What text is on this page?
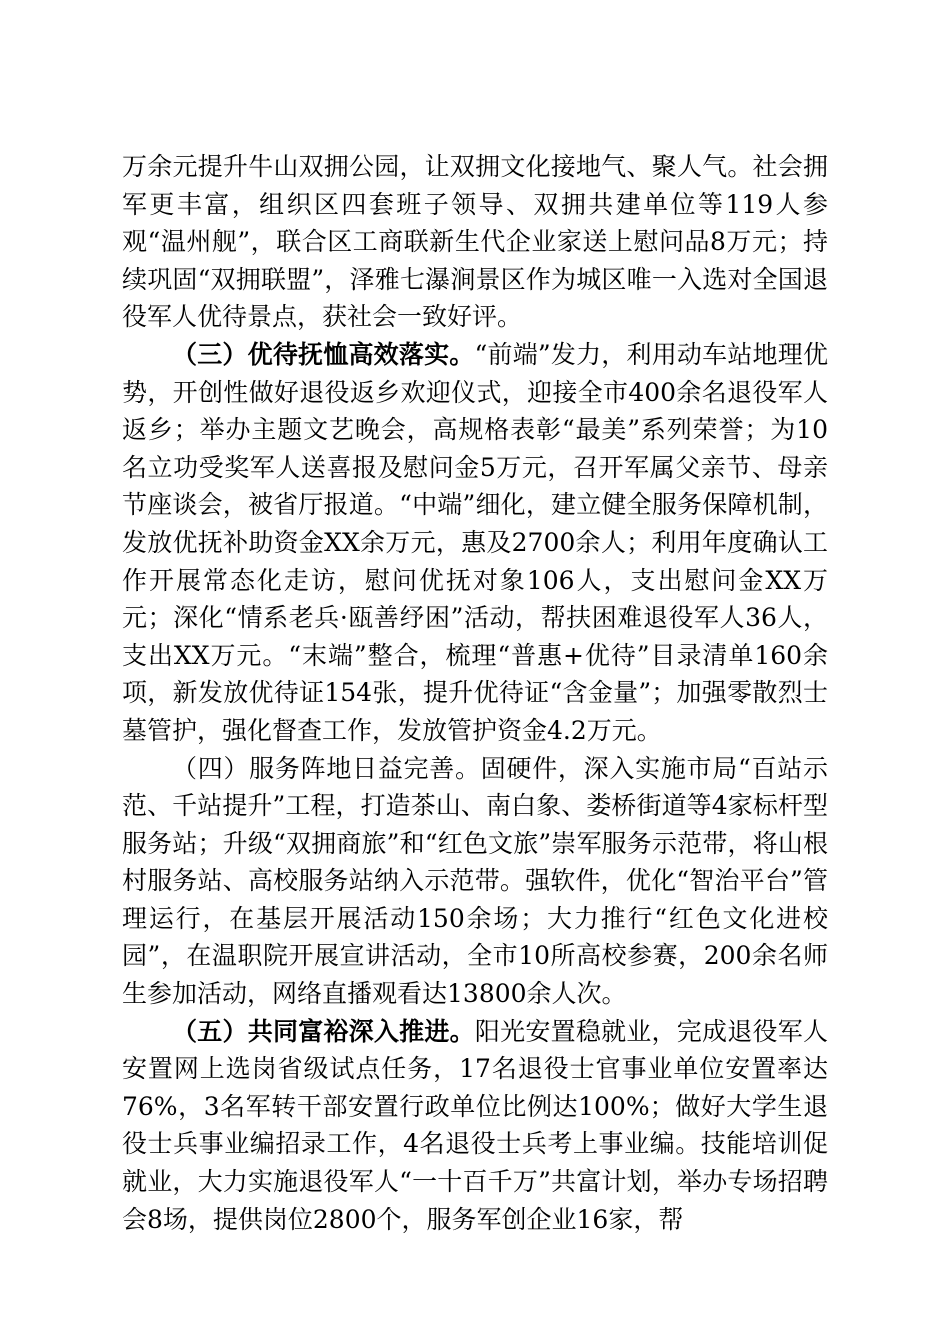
万余元提升牛山双拥公园，让双拥文化接地气、聚人气。社会拥军更丰富，组织区四套班子领导、双拥共建单位等119人参观“温州舰”，联合区工商联新生代企业家送上慰问品8万元；持续巩固“双拥联盟”，泽雅七瀑涧景区作为城区唯一入选对全国退役军人优待景点，获社会一致好评。

（三）优待抚恤高效落实。“前端”发力，利用动车站地理优势，开创性做好退役返乡欢迎仪式，迎接全市400余名退役军人返乡；举办主题文艺晚会，高规格表彰“最美”系列荣誉；为10名立功受奖军人送喜报及慰问金5万元，召开军属父亲节、母亲节座谈会，被省厅报道。“中端”细化，建立健全服务保障机制，发放优抚补助资金XX余万元，惠及2700余人；利用年度确认工作开展常态化走访，慰问优抚对象106人，支出慰问金XX万元；深化“情系老兵·瓯善纾困”活动，帮扶困难退役军人36人，支出XX万元。“末端”整合，梳理“普惠+优待”目录清单160余项，新发放优待证154张，提升优待证“含金量”；加强零散烈士墓管护，强化督查工作，发放管护资金4.2万元。

（四）服务阵地日益完善。固硬件，深入实施市局“百站示范、千站提升”工程，打造茶山、南白象、娄桥街道等4家标杆型服务站；升级“双拥商旅”和“红色文旅”崇军服务示范带，将山根村服务站、高校服务站纳入示范带。强软件，优化“智治平台”管理运行，在基层开展活动150余场；大力推行“红色文化进校园”，在温职院开展宣讲活动，全市10所高校参赛，200余名师生参加活动，网络直播观看达13800余人次。

（五）共同富裕深入推进。阳光安置稳就业，完成退役军人安置网上选岗省级试点任务，17名退役士官事业单位安置率达76%，3名军转干部安置行政单位比例达100%；做好大学生退役士兵事业编招录工作，4名退役士兵考上事业编。技能培训促就业，大力实施退役军人“一十百千万”共富计划，举办专场招聘会8场，提供岗位2800个，服务军创企业16家，帮
